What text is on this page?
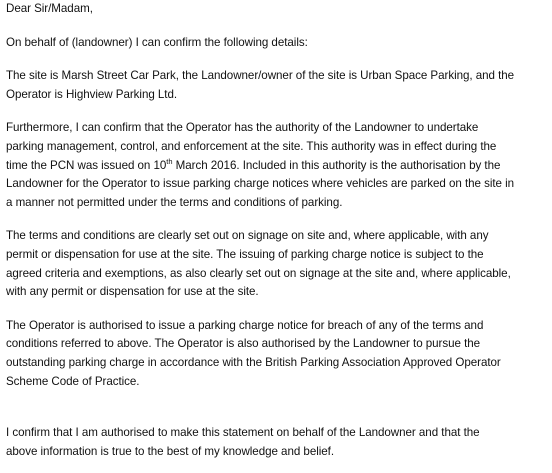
Dear Sir/Madam,

On behalf of (landowner) I can confirm the following details:

The site is Marsh Street Car Park, the Landowner/owner of the site is Urban Space Parking, and the
Operator is Highview Parking Ltd.

Furthermore, I can confirm that the Operator has the authority of the Landowner to undertake
parking management, control, and enforcement at the site. This authority was in effect during the
time the PCN was issued on 10th March 2016. Included in this authority is the authorisation by the
Landowner for the Operator to issue parking charge notices where vehicles are parked on the site in
a manner not permitted under the terms and conditions of parking.

The terms and conditions are clearly set out on signage on site and, where applicable, with any
permit or dispensation for use at the site. The issuing of parking charge notice is subject to the
agreed criteria and exemptions, as also clearly set out on signage at the site and, where applicable,
with any permit or dispensation for use at the site.

The Operator is authorised to issue a parking charge notice for breach of any of the terms and
conditions referred to above. The Operator is also authorised by the Landowner to pursue the
outstanding parking charge in accordance with the British Parking Association Approved Operator
Scheme Code of Practice.

I confirm that I am authorised to make this statement on behalf of the Landowner and that the
above information is true to the best of my knowledge and belief.
